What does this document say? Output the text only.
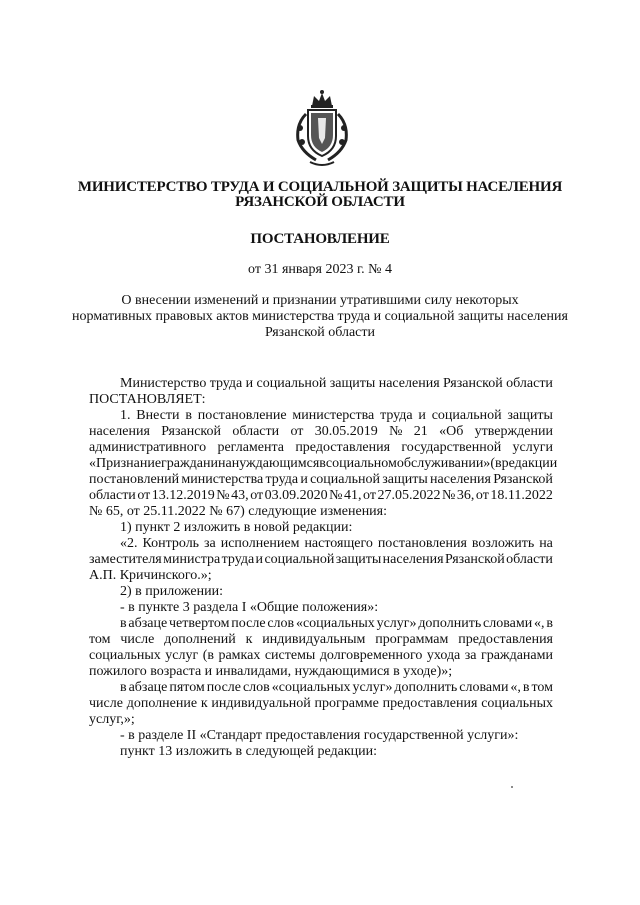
МИНИСТЕРСТВО ТРУДА И СОЦИАЛЬНОЙ ЗАЩИТЫ НАСЕЛЕНИЯ
РЯЗАНСКОЙ ОБЛАСТИ
ПОСТАНОВЛЕНИЕ
от 31 января 2023 г. № 4
О внесении изменений и признании утратившими силу некоторых
нормативных правовых актов министерства труда и социальной защиты населения
Рязанской области
Министерство труда и социальной защиты населения Рязанской области
ПОСТАНОВЛЯЕТ:
1. Внести в постановление министерства труда и социальной защиты
населения Рязанской области от 30.05.2019 № 21 «Об утверждении
административного регламента предоставления государственной услуги
«Признание гражданина нуждающимся в социальном обслуживании» (в редакции
постановлений министерства труда и социальной защиты населения Рязанской
области от 13.12.2019 № 43, от 03.09.2020 № 41, от 27.05.2022 № 36, от 18.11.2022
№ 65, от 25.11.2022 № 67) следующие изменения:
1) пункт 2 изложить в новой редакции:
«2. Контроль за исполнением настоящего постановления возложить на
заместителя министра труда и социальной защиты населения Рязанской области
А.П. Кричинского.»;
2) в приложении:
- в пункте 3 раздела I «Общие положения»:
в абзаце четвертом после слов «социальных услуг» дополнить словами «, в
том числе дополнений к индивидуальным программам предоставления
социальных услуг (в рамках системы долговременного ухода за гражданами
пожилого возраста и инвалидами, нуждающимися в уходе)»;
в абзаце пятом после слов «социальных услуг» дополнить словами «, в том
числе дополнение к индивидуальной программе предоставления социальных
услуг,»;
- в разделе II «Стандарт предоставления государственной услуги»:
пункт 13 изложить в следующей редакции:
